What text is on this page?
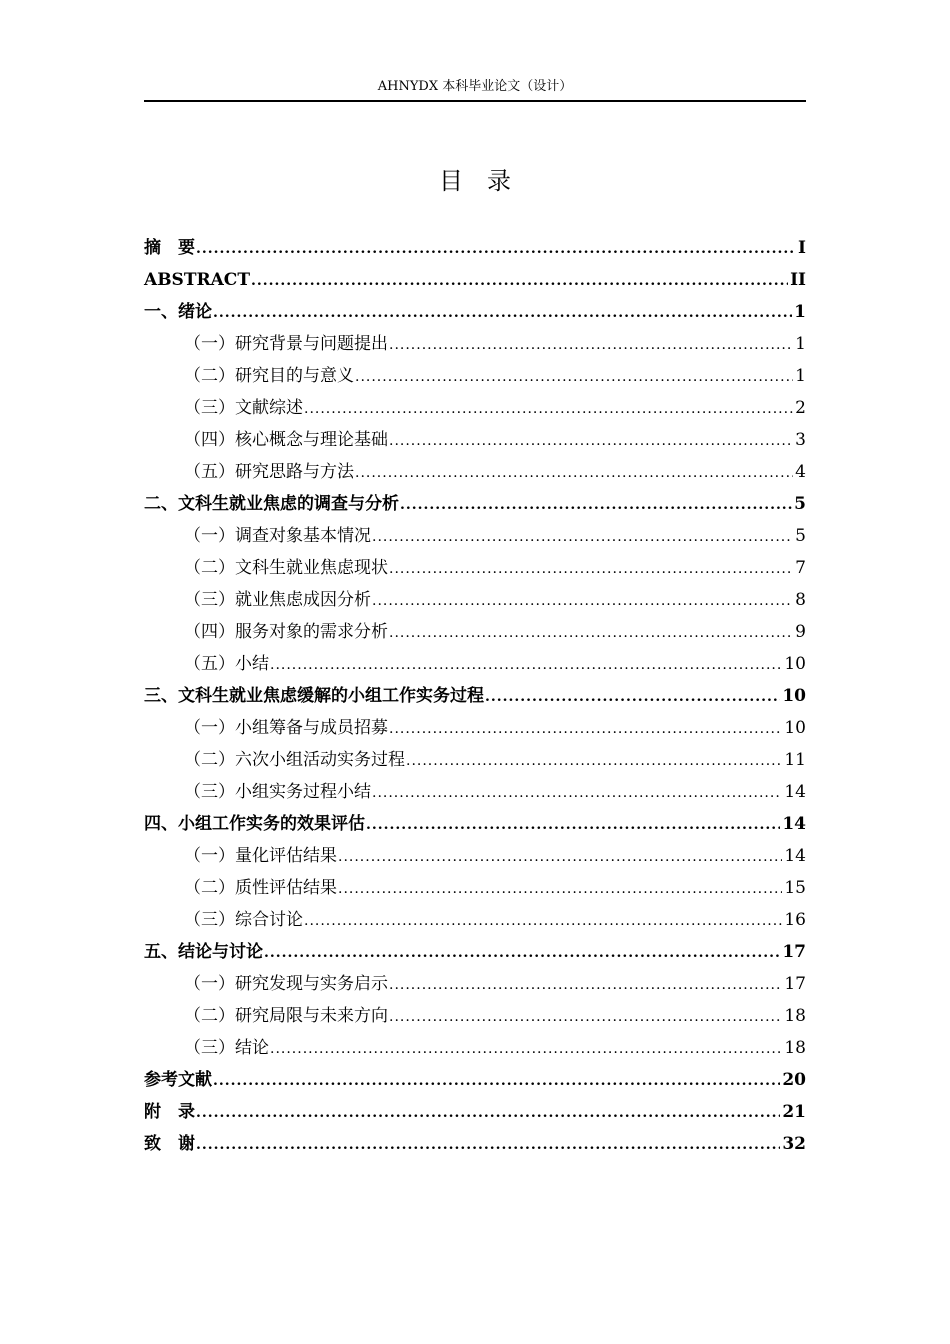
AHNYDX 本科毕业论文（设计）
目　录
摘　要 .....	I
ABSTRACT .....	II
一、绪论 .....	1
（一）研究背景与问题提出 .....	1
（二）研究目的与意义 .....	1
（三）文献综述 .....	2
（四）核心概念与理论基础 .....	3
（五）研究思路与方法 .....	4
二、文科生就业焦虑的调查与分析 .....	5
（一）调查对象基本情况 .....	5
（二）文科生就业焦虑现状 .....	7
（三）就业焦虑成因分析 .....	8
（四）服务对象的需求分析 .....	9
（五）小结 .....	10
三、文科生就业焦虑缓解的小组工作实务过程 .....	10
（一）小组筹备与成员招募 .....	10
（二）六次小组活动实务过程 .....	11
（三）小组实务过程小结 .....	14
四、小组工作实务的效果评估 .....	14
（一）量化评估结果 .....	14
（二）质性评估结果 .....	15
（三）综合讨论 .....	16
五、结论与讨论 .....	17
（一）研究发现与实务启示 .....	17
（二）研究局限与未来方向 .....	18
（三）结论 .....	18
参考文献 .....	20
附　录 .....	21
致　谢 .....	32
